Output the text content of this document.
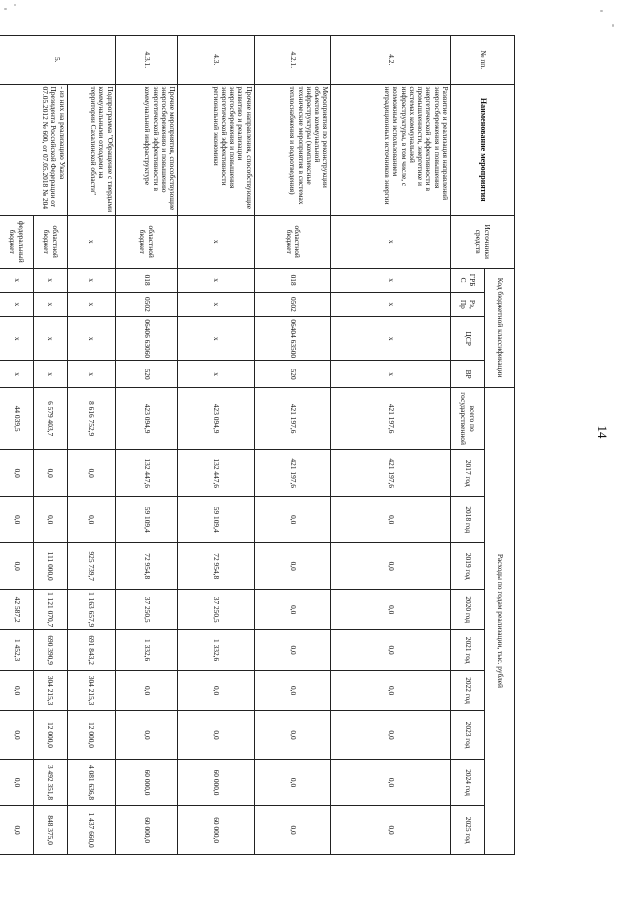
14
№ пп.	Наименование мероприятия	Источники средств	Код бюджетной классификации				Расходы по годам реализации, тыс. рублей									
			ГРБ С	Рз, Пр	ЦСР	ВР	всего по государственной	2017 год	2018 год	2019 год	2020 год	2021 год	2022 год	2023 год	2024 год	2025 год

4.2.	Развитие и реализация направлений энергосбережения и повышения энергетической эффективности в промышленности, энергетике и системах коммунальной инфраструктуры, в том числе, с возможным использованием нетрадиционных источников энергии	х	х	х	х	х	421 197,6	421 197,6	0,0	0,0	0,0	0,0	0,0	0,0	0,0	0,0
4.2.1.	Мероприятия по реконструкции объектов коммунальной инфраструктуры (комплексные технические мероприятия в системах теплоснабжения и водоотведения)	областной бюджет	018	0502	06404 63500	520	421 197,6	421 197,6	0,0	0,0	0,0	0,0	0,0	0,0	0,0	0,0
4.3.	Прочие направления, способствующие развитию и реализации энергосбережения и повышения энергетической эффективности региональной экономики	х	х	х	х	х	423 094,9	132 447,6	59 109,4	72 954,8	37 250,5	1 332,6	0,0	0,0	60 000,0	60 000,0
4.3.1.	Прочие мероприятия, способствующие энергосбережению и повышению энергетической эффективности в коммунальной инфраструктуре	областной бюджет	018	0502	06406 63060	520	423 094,9	132 447,6	59 109,4	72 954,8	37 250,5	1 332,6	0,0	0,0	60 000,0	60 000,0
5.	Подпрограмма "Обращение с твердыми коммунальными отходами на территории Сахалинской области"	х	х	х	х	х	8 616 752,9	0,0	0,0	925 739,7	1 163 657,9	691 843,2	304 215,3	12 000,0	4 081 636,8	1 437 660,0
	- из них на реализацию Указа Президента Российской Федерации от 07.05.2012 № 600, от 07.05.2018 № 204	областной бюджет	х	х	х	х	6 579 403,7	0,0	0,0	111 000,0	1 121 070,7	690 390,9	304 215,3	12 000,0	3 492 351,8	848 375,0
		федеральный бюджет	х	х	х	х	44 039,5	0,0	0,0	0,0	42 587,2	1 452,3	0,0	0,0	0,0	0,0
